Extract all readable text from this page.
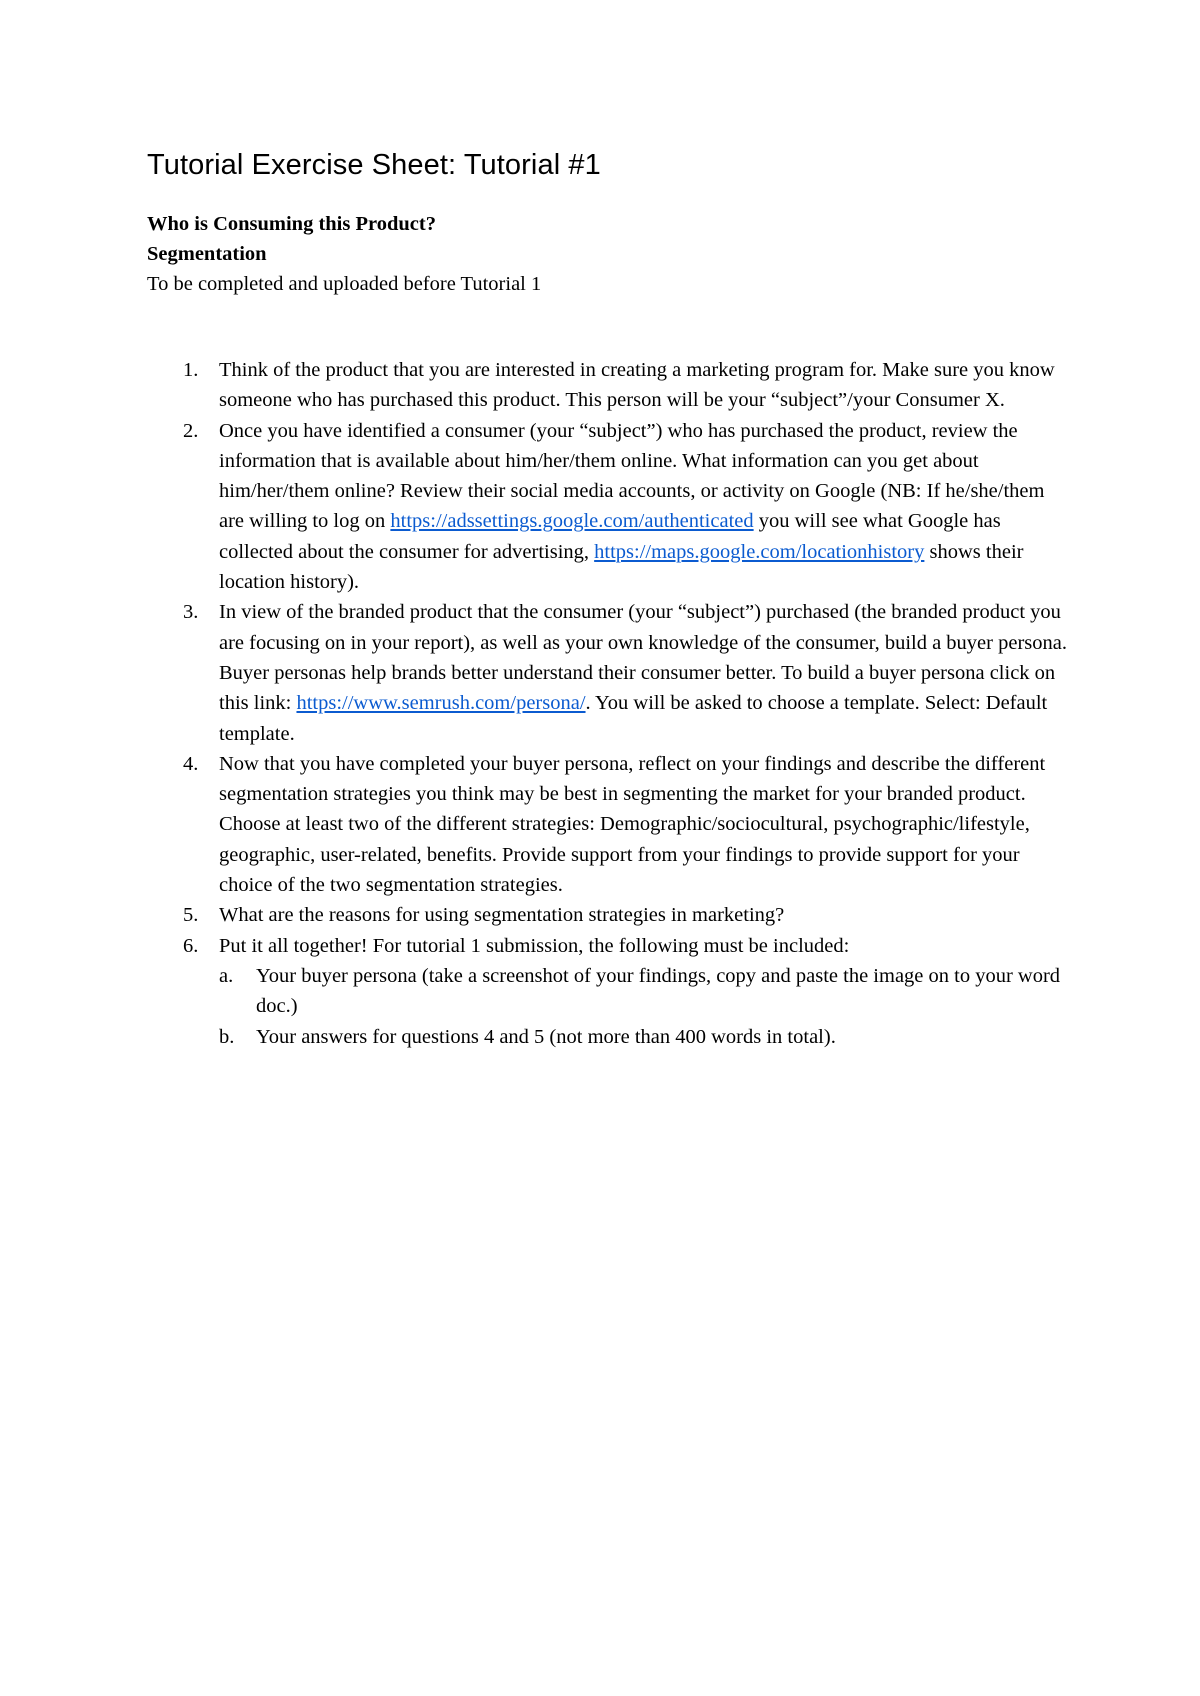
Tutorial Exercise Sheet: Tutorial #1

Who is Consuming this Product?

Segmentation

To be completed and uploaded before Tutorial 1

1. Think of the product that you are interested in creating a marketing program for. Make sure you know someone who has purchased this product. This person will be your “subject”/your Consumer X.
2. Once you have identified a consumer (your “subject”) who has purchased the product, review the information that is available about him/her/them online. What information can you get about him/her/them online? Review their social media accounts, or activity on Google (NB: If he/she/them are willing to log on https://adssettings.google.com/authenticated you will see what Google has collected about the consumer for advertising, https://maps.google.com/locationhistory shows their location history).
3. In view of the branded product that the consumer (your “subject”) purchased (the branded product you are focusing on in your report), as well as your own knowledge of the consumer, build a buyer persona. Buyer personas help brands better understand their consumer better. To build a buyer persona click on this link: https://www.semrush.com/persona/. You will be asked to choose a template. Select: Default template.
4. Now that you have completed your buyer persona, reflect on your findings and describe the different segmentation strategies you think may be best in segmenting the market for your branded product. Choose at least two of the different strategies: Demographic/sociocultural, psychographic/lifestyle, geographic, user-related, benefits. Provide support from your findings to provide support for your choice of the two segmentation strategies.
5. What are the reasons for using segmentation strategies in marketing?
6. Put it all together! For tutorial 1 submission, the following must be included:
a. Your buyer persona (take a screenshot of your findings, copy and paste the image on to your word doc.)
b. Your answers for questions 4 and 5 (not more than 400 words in total).
